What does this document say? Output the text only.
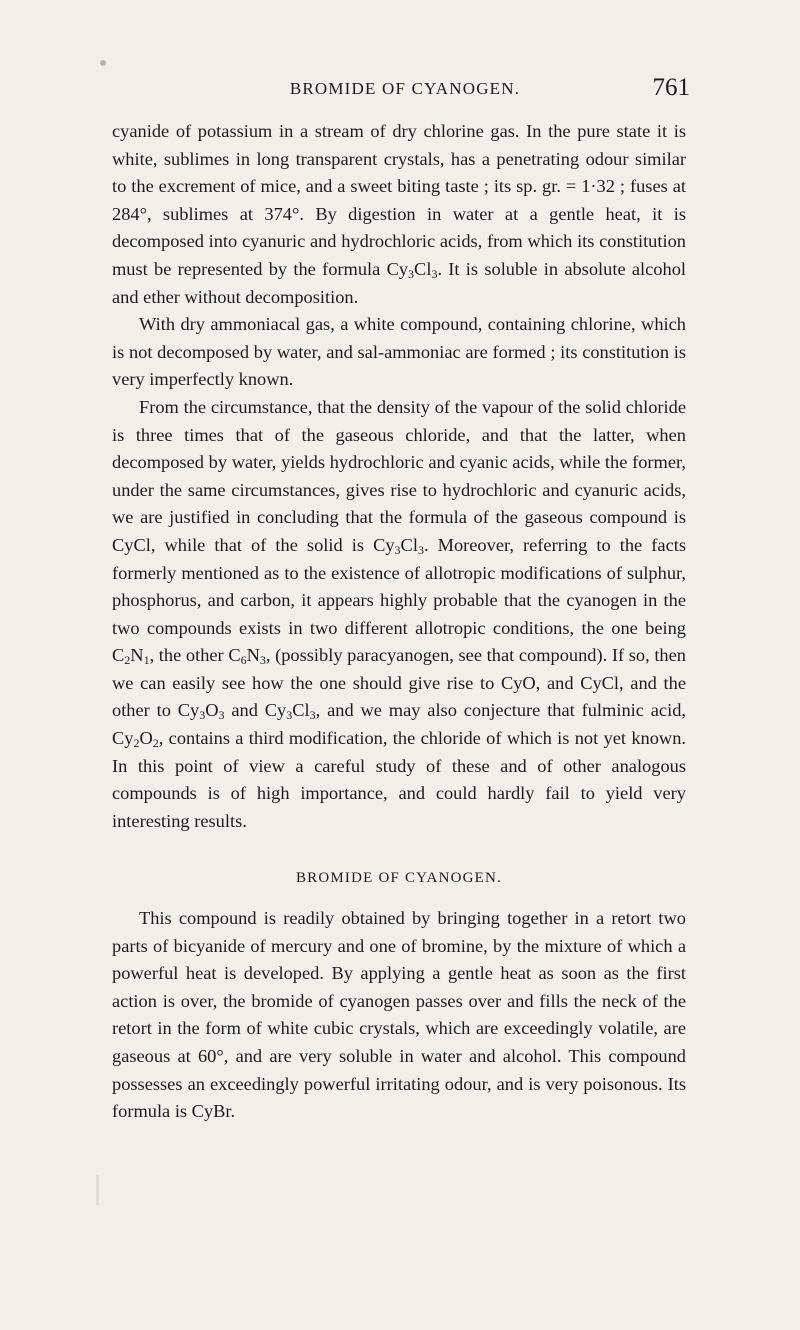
BROMIDE OF CYANOGEN.	761

cyanide of potassium in a stream of dry chlorine gas. In the pure state it is white, sublimes in long transparent crystals, has a penetrating odour similar to the excrement of mice, and a sweet biting taste ; its sp. gr. = 1·32 ; fuses at 284°, sublimes at 374°. By digestion in water at a gentle heat, it is decomposed into cyanuric and hydrochloric acids, from which its constitution must be represented by the formula $Cy_3Cl_3$. It is soluble in absolute alcohol and ether without decomposition.

With dry ammoniacal gas, a white compound, containing chlorine, which is not decomposed by water, and sal-ammoniac are formed ; its constitution is very imperfectly known.

From the circumstance, that the density of the vapour of the solid chloride is three times that of the gaseous chloride, and that the latter, when decomposed by water, yields hydrochloric and cyanic acids, while the former, under the same circumstances, gives rise to hydrochloric and cyanuric acids, we are justified in concluding that the formula of the gaseous compound is CyCl, while that of the solid is $Cy_3Cl_3$. Moreover, referring to the facts formerly mentioned as to the existence of allotropic modifications of sulphur, phosphorus, and carbon, it appears highly probable that the cyanogen in the two compounds exists in two different allotropic conditions, the one being $C_2N_1$, the other $C_6N_3$, (possibly paracyanogen, see that compound). If so, then we can easily see how the one should give rise to CyO, and CyCl, and the other to $Cy_3O_3$ and $Cy_3Cl_3$, and we may also conjecture that fulminic acid, $Cy_2O_2$, contains a third modification, the chloride of which is not yet known. In this point of view a careful study of these and of other analogous compounds is of high importance, and could hardly fail to yield very interesting results.

BROMIDE OF CYANOGEN.

This compound is readily obtained by bringing together in a retort two parts of bicyanide of mercury and one of bromine, by the mixture of which a powerful heat is developed. By applying a gentle heat as soon as the first action is over, the bromide of cyanogen passes over and fills the neck of the retort in the form of white cubic crystals, which are exceedingly volatile, are gaseous at 60°, and are very soluble in water and alcohol. This compound possesses an exceedingly powerful irritating odour, and is very poisonous. Its formula is CyBr.
